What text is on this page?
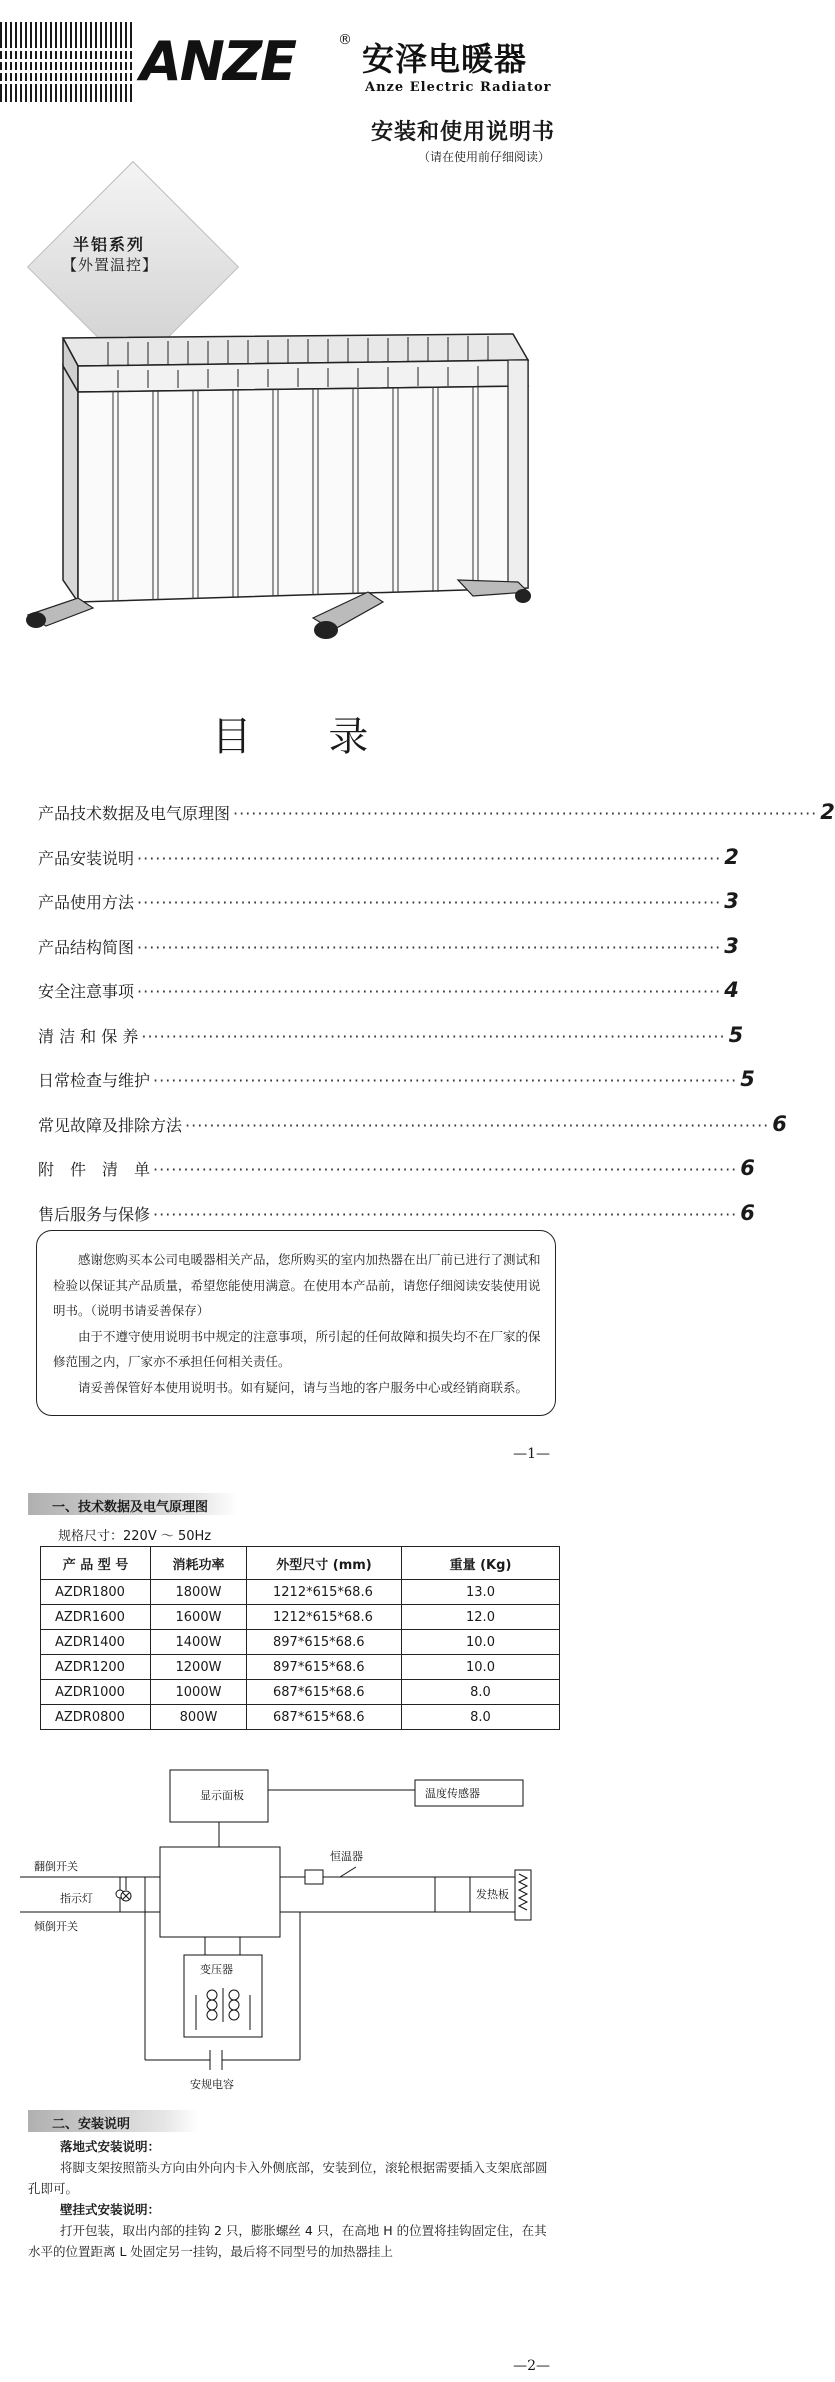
ANZE	® 安泽电暖器
Anze Electric Radiator
安装和使用说明书
（请在使用前仔细阅读）
半铝系列
【外置温控】
目 录
产品技术数据及电气原理图 ································································································ 2
产品安装说明 ································································································ 2
产品使用方法 ································································································ 3
产品结构简图 ································································································ 3
安全注意事项 ································································································ 4
清 洁 和 保 养 ································································································ 5
日常检查与维护 ································································································ 5
常见故障及排除方法 ································································································ 6
附　件　清　单 ································································································ 6
售后服务与保修 ································································································ 6

感谢您购买本公司电暖器相关产品，您所购买的室内加热器在出厂前已进行了测试和检验以保证其产品质量，希望您能使用满意。在使用本产品前，请您仔细阅读安装使用说明书。（说明书请妥善保存）

由于不遵守使用说明书中规定的注意事项，所引起的任何故障和损失均不在厂家的保修范围之内，厂家亦不承担任何相关责任。

请妥善保管好本使用说明书。如有疑问，请与当地的客户服务中心或经销商联系。

—1—
一、技术数据及电气原理图
规格尺寸：220V ～ 50Hz
产 品 型 号	消耗功率	外型尺寸 (mm)	重量 (Kg)
AZDR1800	1800W	1212*615*68.6	13.0
AZDR1600	1600W	1212*615*68.6	12.0
AZDR1400	1400W	897*615*68.6	10.0
AZDR1200	1200W	897*615*68.6	10.0
AZDR1000	1000W	687*615*68.6	8.0
AZDR0800	800W	687*615*68.6	8.0
显示面板	温度传感器
恒温器
发热板
翻倒开关
指示灯
倾倒开关
变压器
安规电容
二、安装说明
落地式安装说明：
将脚支架按照箭头方向由外向内卡入外侧底部，安装到位，滚轮根据需要插入支架底部圆孔即可。
壁挂式安装说明：
打开包装，取出内部的挂钩 2 只，膨胀螺丝 4 只，在高地 H 的位置将挂钩固定住，在其水平的位置距离 L 处固定另一挂钩，最后将不同型号的加热器挂上
—2—
